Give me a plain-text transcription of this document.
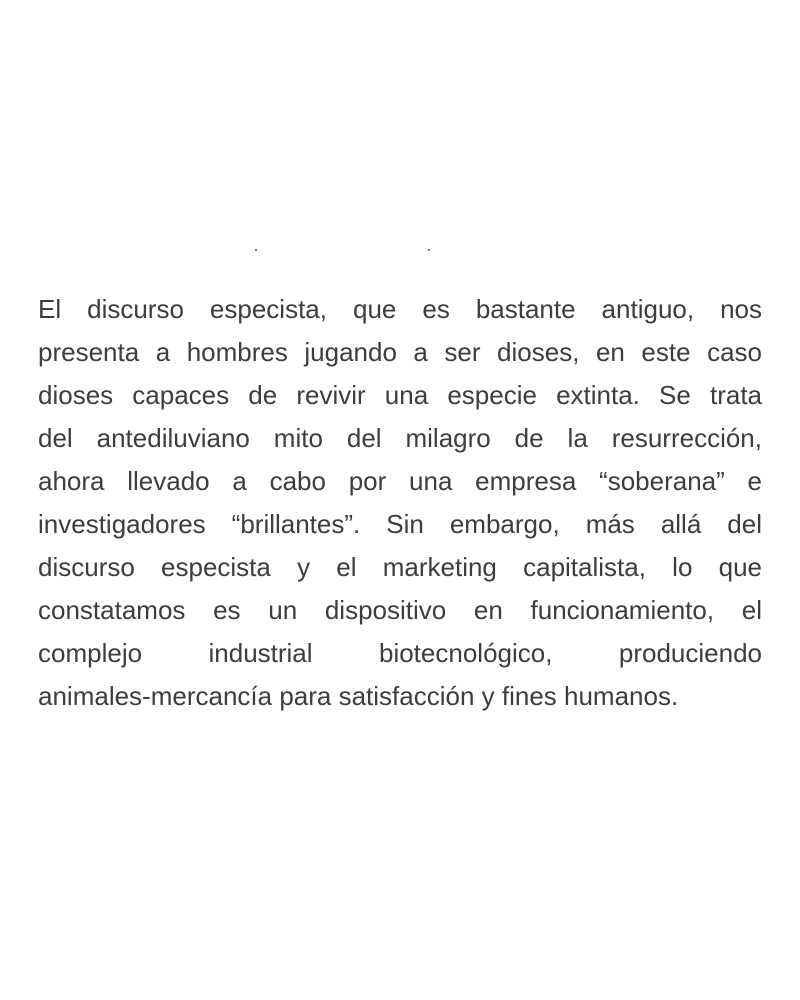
El discurso especista, que es bastante antiguo, nos
presenta a hombres jugando a ser dioses, en este caso
dioses capaces de revivir una especie extinta. Se trata
del antediluviano mito del milagro de la resurrección,
ahora llevado a cabo por una empresa “soberana” e
investigadores “brillantes”. Sin embargo, más allá del
discurso especista y el marketing capitalista, lo que
constatamos es un dispositivo en funcionamiento, el
complejo industrial biotecnológico, produciendo
animales-mercancía para satisfacción y fines humanos.
